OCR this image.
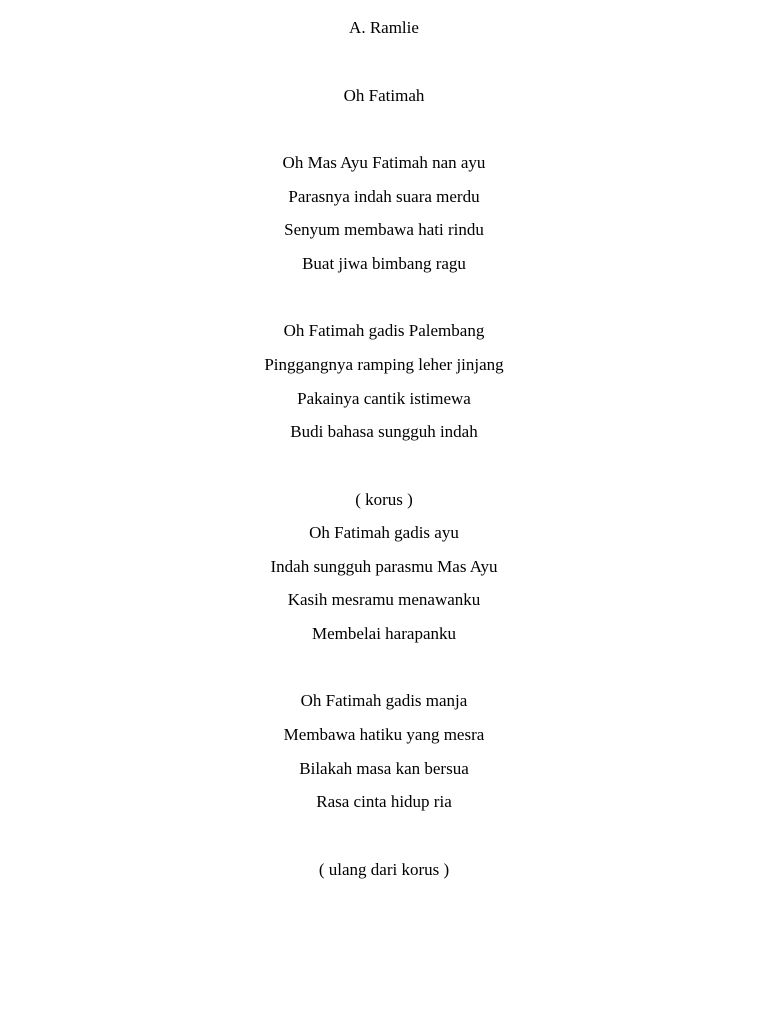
A. Ramlie
Oh Fatimah
Oh Mas Ayu Fatimah nan ayu
Parasnya indah suara merdu
Senyum membawa hati rindu
Buat jiwa bimbang ragu
Oh Fatimah gadis Palembang
Pinggangnya ramping leher jinjang
Pakainya cantik istimewa
Budi bahasa sungguh indah
( korus )
Oh Fatimah gadis ayu
Indah sungguh parasmu Mas Ayu
Kasih mesramu menawanku
Membelai harapanku
Oh Fatimah gadis manja
Membawa hatiku yang mesra
Bilakah masa kan bersua
Rasa cinta hidup ria
( ulang dari korus )
